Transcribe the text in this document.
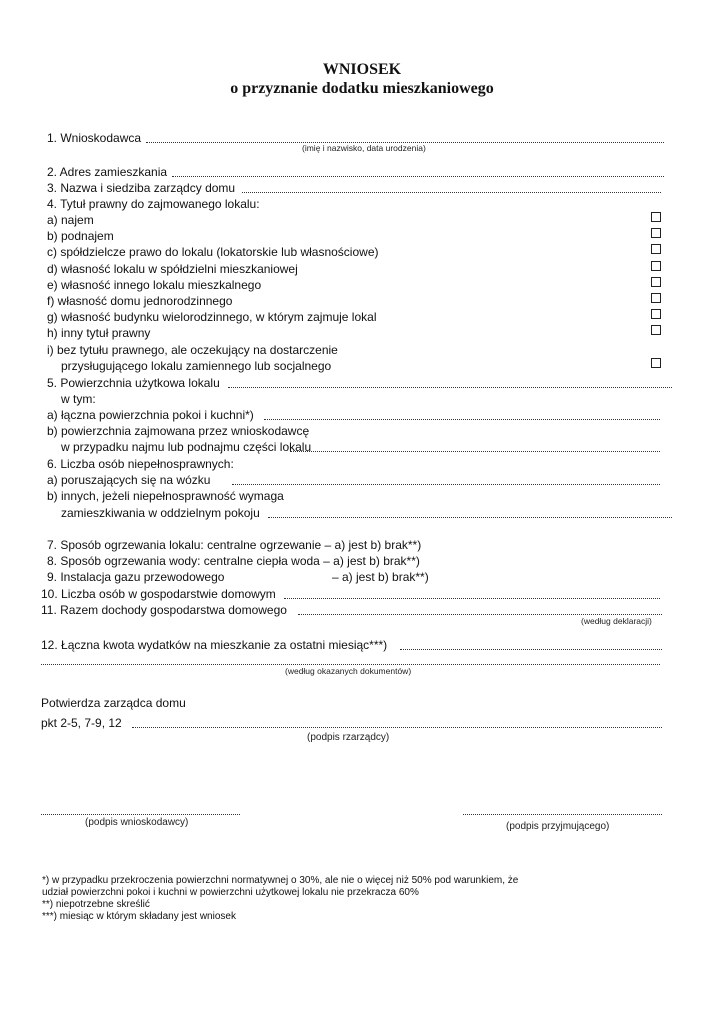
WNIOSEK
o przyznanie dodatku mieszkaniowego
1. Wnioskodawca
(imię i nazwisko, data urodzenia)
2. Adres zamieszkania
3. Nazwa i siedziba zarządcy domu
4. Tytuł prawny do zajmowanego lokalu:
a) najem
b) podnajem
c) spółdzielcze prawo do lokalu (lokatorskie lub własnościowe)
d) własność lokalu w spółdzielni mieszkaniowej
e) własność innego lokalu mieszkalnego
f) własność domu jednorodzinnego
g) własność budynku wielorodzinnego, w którym zajmuje lokal
h) inny tytuł prawny
i) bez tytułu prawnego, ale oczekujący na dostarczenie
przysługującego lokalu zamiennego lub socjalnego
5. Powierzchnia użytkowa lokalu
w tym:
a) łączna powierzchnia pokoi i kuchni*)
b) powierzchnia zajmowana przez wnioskodawcę
w przypadku najmu lub podnajmu części lokalu
6. Liczba osób niepełnosprawnych:
a) poruszających się na wózku
b) innych, jeżeli niepełnosprawność wymaga
zamieszkiwania w oddzielnym pokoju
7. Sposób ogrzewania lokalu: centralne ogrzewanie – a) jest b) brak**)
8. Sposób ogrzewania wody: centralne ciepła woda – a) jest b) brak**)
9. Instalacja gazu przewodowego	– a) jest b) brak**)
10. Liczba osób w gospodarstwie domowym
11. Razem dochody gospodarstwa domowego
(według deklaracji)
12. Łączna kwota wydatków na mieszkanie za ostatni miesiąc***)
(według okazanych dokumentów)
Potwierdza zarządca domu
pkt 2-5, 7-9, 12
(podpis rzarządcy)
(podpis wnioskodawcy)	(podpis przyjmującego)
*) w przypadku przekroczenia powierzchni normatywnej o 30%, ale nie o więcej niż 50% pod warunkiem, że
udział powierzchni pokoi i kuchni w powierzchni użytkowej lokalu nie przekracza 60%
**) niepotrzebne skreślić
***) miesiąc w którym składany jest wniosek
